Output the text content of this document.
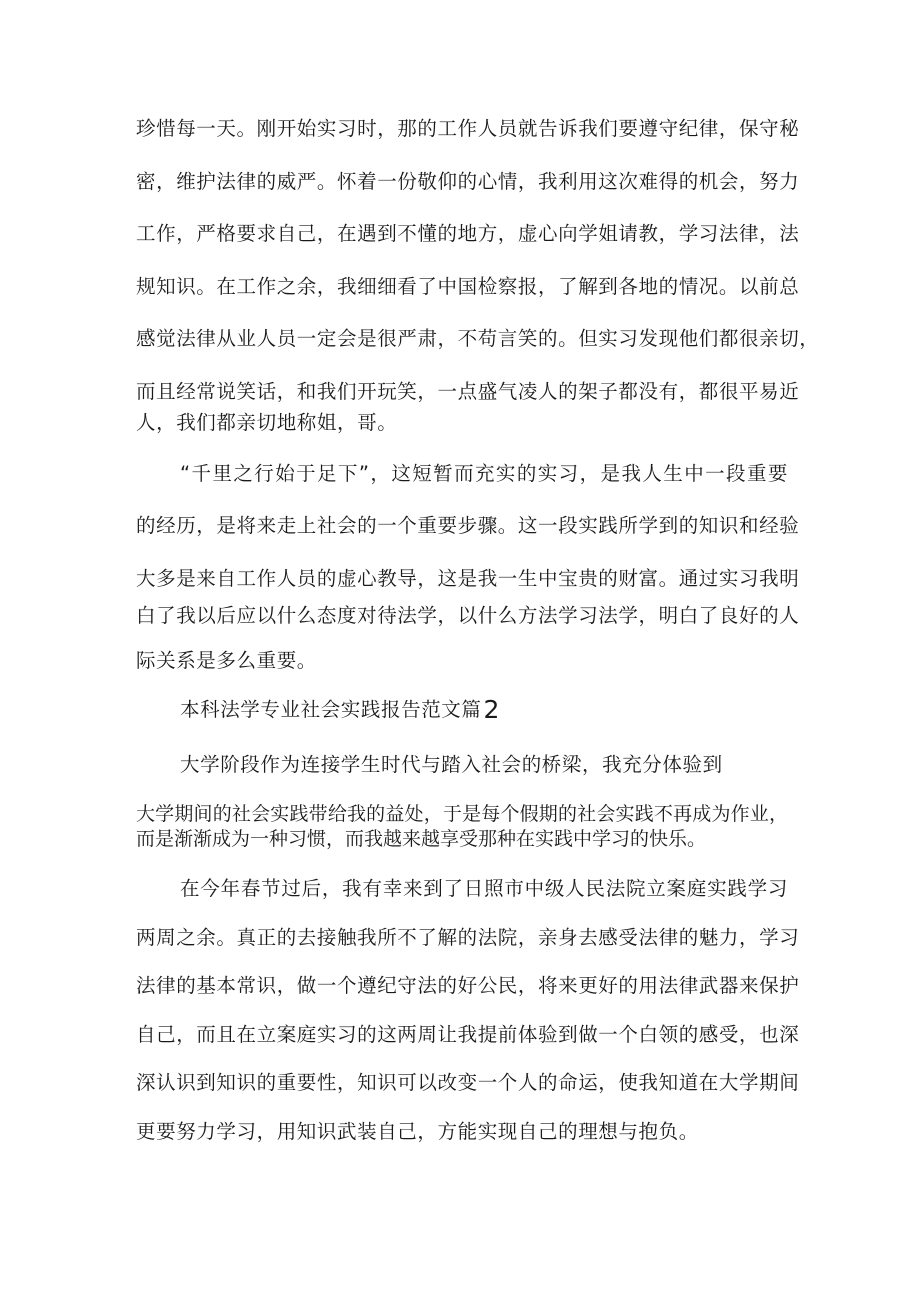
珍惜每一天。刚开始实习时，那的工作人员就告诉我们要遵守纪律，保守秘
密，维护法律的威严。怀着一份敬仰的心情，我利用这次难得的机会，努力
工作，严格要求自己，在遇到不懂的地方，虚心向学姐请教，学习法律，法
规知识。在工作之余，我细细看了中国检察报，了解到各地的情况。以前总
感觉法律从业人员一定会是很严肃，不苟言笑的。但实习发现他们都很亲切，
而且经常说笑话，和我们开玩笑，一点盛气凌人的架子都没有，都很平易近
人，我们都亲切地称姐，哥。
“千里之行始于足下”，这短暂而充实的实习，是我人生中一段重要
的经历，是将来走上社会的一个重要步骤。这一段实践所学到的知识和经验
大多是来自工作人员的虚心教导，这是我一生中宝贵的财富。通过实习我明
白了我以后应以什么态度对待法学，以什么方法学习法学，明白了良好的人
际关系是多么重要。
本科法学专业社会实践报告范文篇2
大学阶段作为连接学生时代与踏入社会的桥梁，我充分体验到
大学期间的社会实践带给我的益处，于是每个假期的社会实践不再成为作业，
而是渐渐成为一种习惯，而我越来越享受那种在实践中学习的快乐。
在今年春节过后，我有幸来到了日照市中级人民法院立案庭实践学习
两周之余。真正的去接触我所不了解的法院，亲身去感受法律的魅力，学习
法律的基本常识，做一个遵纪守法的好公民，将来更好的用法律武器来保护
自己，而且在立案庭实习的这两周让我提前体验到做一个白领的感受，也深
深认识到知识的重要性，知识可以改变一个人的命运，使我知道在大学期间
更要努力学习，用知识武装自己，方能实现自己的理想与抱负。
